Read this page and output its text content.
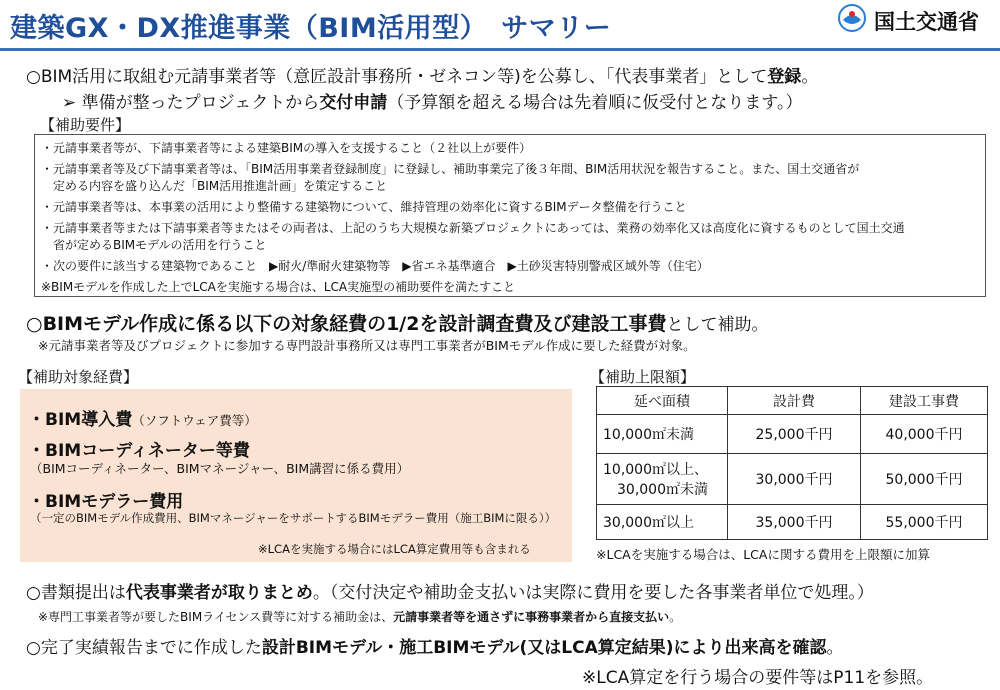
建築GX・DX推進事業（BIM活用型）　サマリー	国土交通省
○BIM活用に取組む元請事業者等（意匠設計事務所・ゼネコン等)を公募し、「代表事業者」として登録。
➢ 準備が整ったプロジェクトから交付申請（予算額を超える場合は先着順に仮受付となります。）
【補助要件】
・元請事業者等が、下請事業者等による建築BIMの導入を支援すること（２社以上が要件）
・元請事業者等及び下請事業者等は、「BIM活用事業者登録制度」に登録し、補助事業完了後３年間、BIM活用状況を報告すること。また、国土交通省が
　定める内容を盛り込んだ「BIM活用推進計画」を策定すること
・元請事業者等は、本事業の活用により整備する建築物について、維持管理の効率化に資するBIMデータ整備を行うこと
・元請事業者等または下請事業者等またはその両者は、上記のうち大規模な新築プロジェクトにあっては、業務の効率化又は高度化に資するものとして国土交通
　省が定めるBIMモデルの活用を行うこと
・次の要件に該当する建築物であること　▶耐火/準耐火建築物等　▶省エネ基準適合　▶土砂災害特別警戒区域外等（住宅）
※BIMモデルを作成した上でLCAを実施する場合は、LCA実施型の補助要件を満たすこと
○BIMモデル作成に係る以下の対象経費の1/2を設計調査費及び建設工事費として補助。
※元請事業者等及びプロジェクトに参加する専門設計事務所又は専門工事業者がBIMモデル作成に要した経費が対象。
【補助対象経費】
・BIM導入費（ソフトウェア費等）
・BIMコーディネーター等費
（BIMコーディネーター、BIMマネージャー、BIM講習に係る費用）
・BIMモデラー費用
（一定のBIMモデル作成費用、BIMマネージャーをサポートするBIMモデラー費用（施工BIMに限る））
※LCAを実施する場合にはLCA算定費用等も含まれる
【補助上限額】
延べ面積	設計費	建設工事費
10,000㎡未満	25,000千円	40,000千円

10,000㎡以上、
　30,000㎡未満	30,000千円	50,000千円
30,000㎡以上	35,000千円	55,000千円
※LCAを実施する場合は、LCAに関する費用を上限額に加算
○書類提出は代表事業者が取りまとめ。（交付決定や補助金支払いは実際に費用を要した各事業者単位で処理。）
※専門工事業者等が要したBIMライセンス費等に対する補助金は、元請事業者等を通さずに事務事業者から直接支払い。
○完了実績報告までに作成した設計BIMモデル・施工BIMモデル(又はLCA算定結果)により出来高を確認。
※LCA算定を行う場合の要件等はP11を参照。
